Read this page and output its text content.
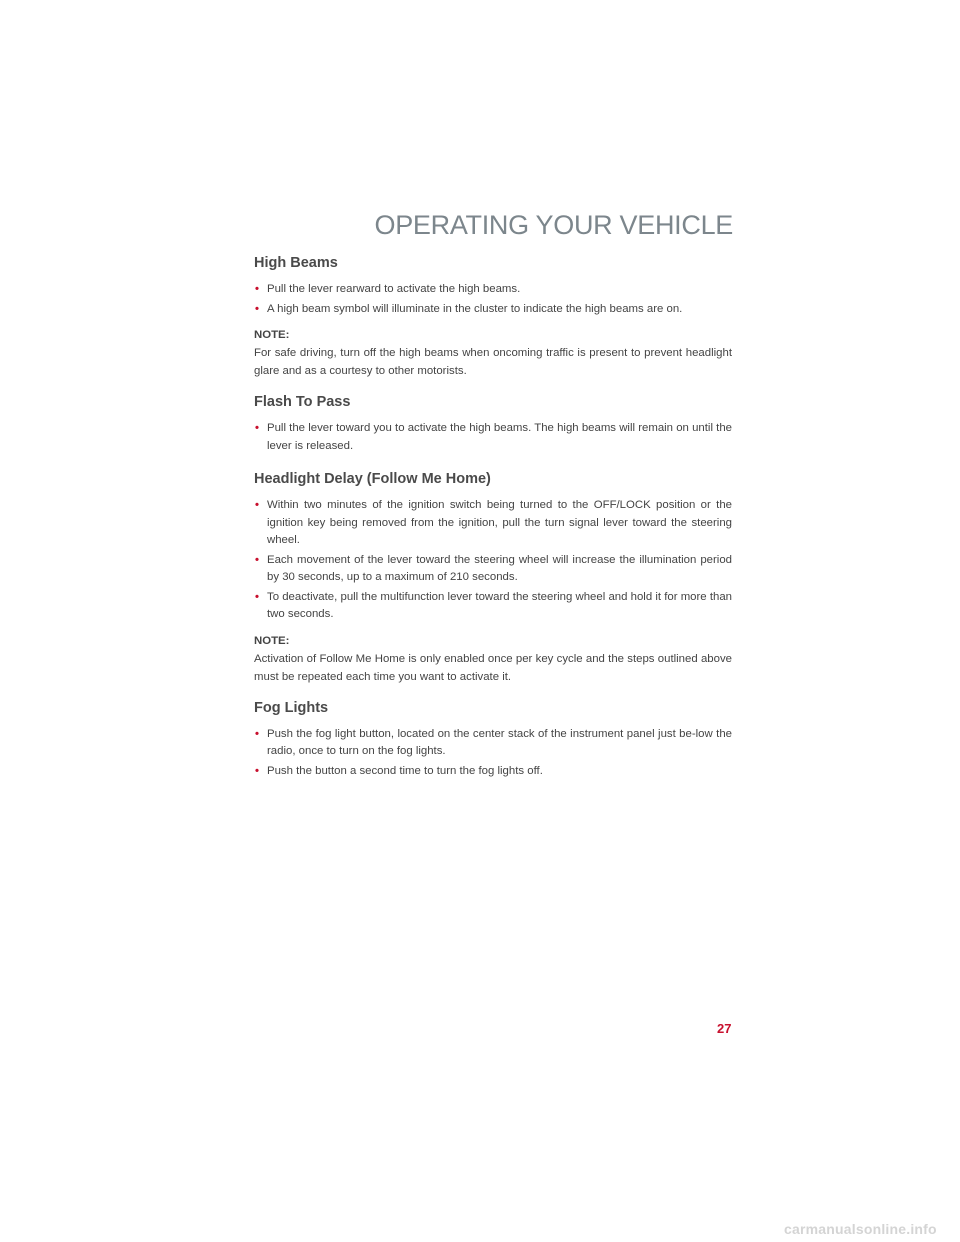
OPERATING YOUR VEHICLE
High Beams
• Pull the lever rearward to activate the high beams.
• A high beam symbol will illuminate in the cluster to indicate the high beams are on.

NOTE:

For safe driving, turn off the high beams when oncoming traffic is present to prevent headlight glare and as a courtesy to other motorists.

Flash To Pass
• Pull the lever toward you to activate the high beams. The high beams will remain on until the lever is released.
Headlight Delay (Follow Me Home)
• Within two minutes of the ignition switch being turned to the OFF/LOCK position or the ignition key being removed from the ignition, pull the turn signal lever toward the steering wheel.
• Each movement of the lever toward the steering wheel will increase the illumination period by 30 seconds, up to a maximum of 210 seconds.
• To deactivate, pull the multifunction lever toward the steering wheel and hold it for more than two seconds.

NOTE:

Activation of Follow Me Home is only enabled once per key cycle and the steps outlined above must be repeated each time you want to activate it.

Fog Lights
• Push the fog light button, located on the center stack of the instrument panel just be-low the radio, once to turn on the fog lights.
• Push the button a second time to turn the fog lights off.
27
carmanualsonline.info
